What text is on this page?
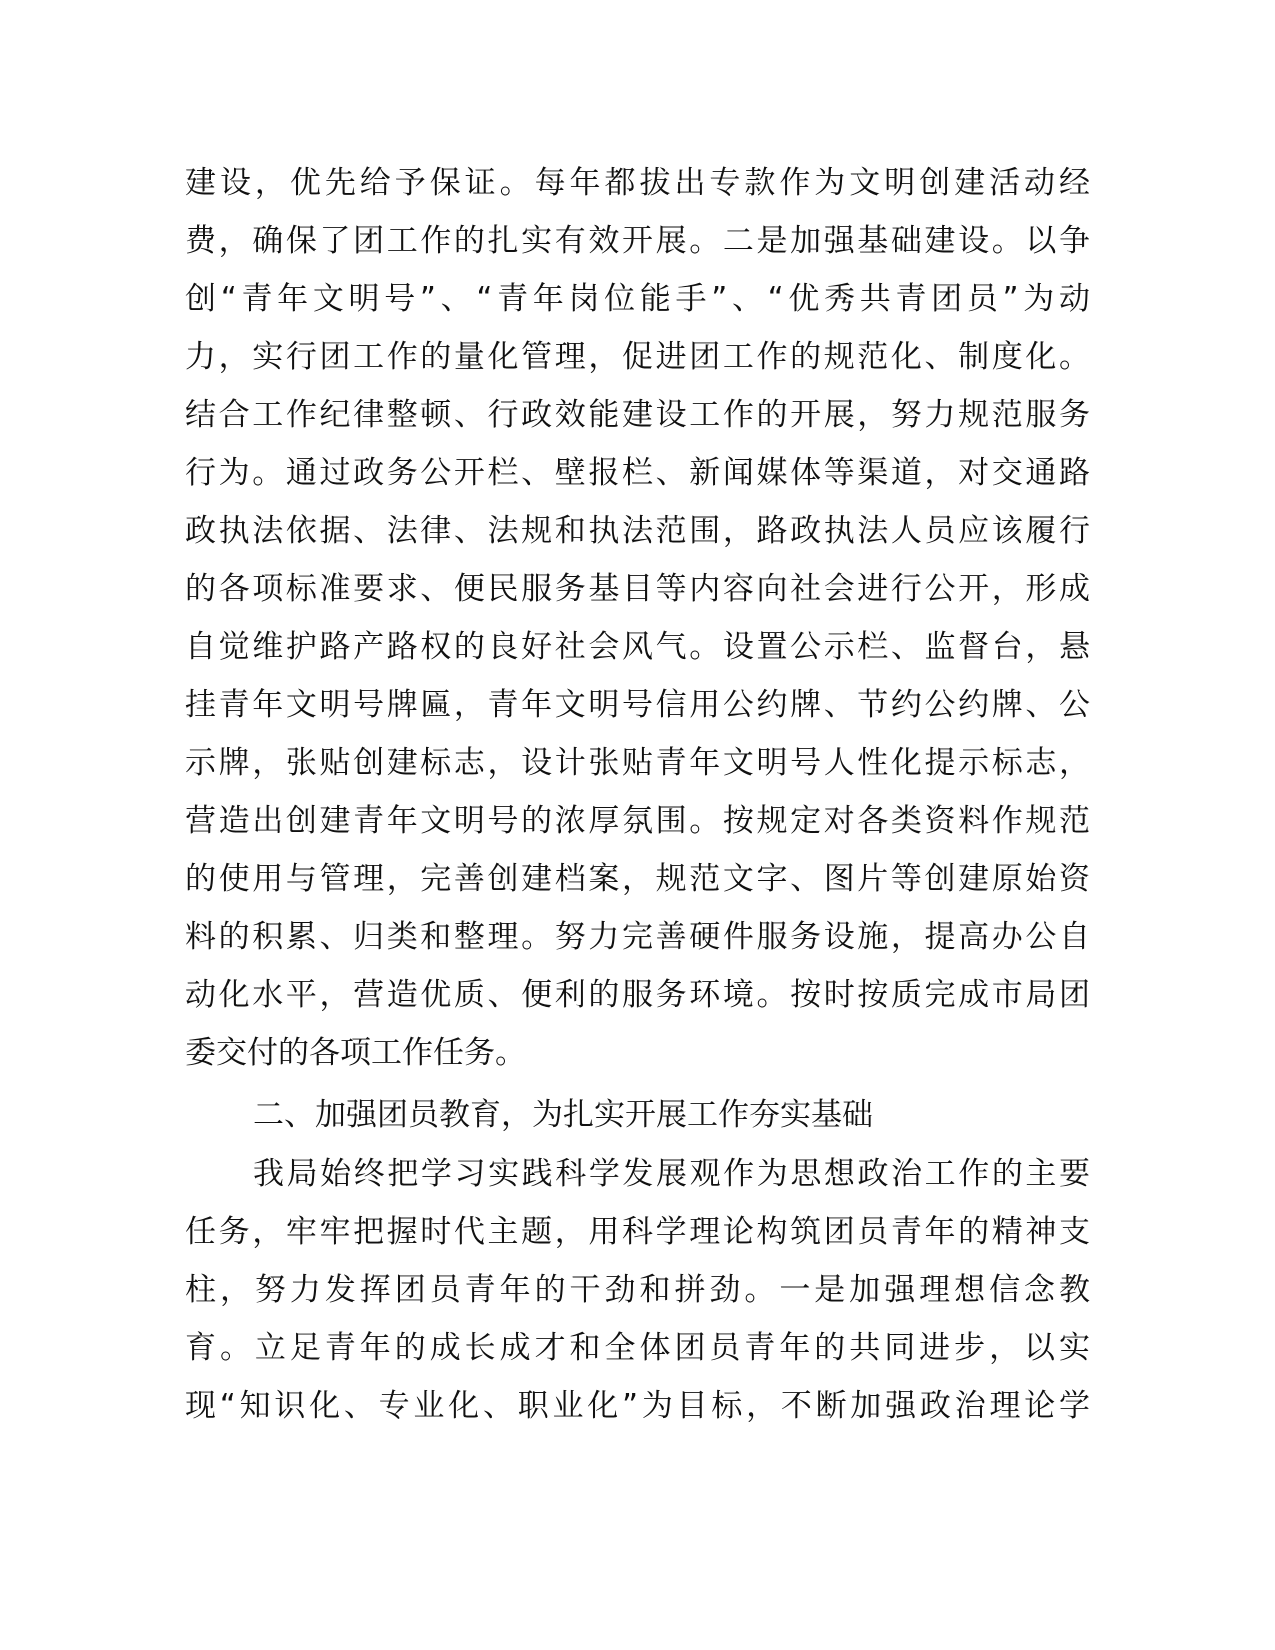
建设，优先给予保证。每年都拔出专款作为文明创建活动经
费，确保了团工作的扎实有效开展。二是加强基础建设。以争
创“青年文明号”、“青年岗位能手”、“优秀共青团员”为动
力，实行团工作的量化管理，促进团工作的规范化、制度化。
结合工作纪律整顿、行政效能建设工作的开展，努力规范服务
行为。通过政务公开栏、壁报栏、新闻媒体等渠道，对交通路
政执法依据、法律、法规和执法范围，路政执法人员应该履行
的各项标准要求、便民服务基目等内容向社会进行公开，形成
自觉维护路产路权的良好社会风气。设置公示栏、监督台，悬
挂青年文明号牌匾，青年文明号信用公约牌、节约公约牌、公
示牌，张贴创建标志，设计张贴青年文明号人性化提示标志，
营造出创建青年文明号的浓厚氛围。按规定对各类资料作规范
的使用与管理，完善创建档案，规范文字、图片等创建原始资
料的积累、归类和整理。努力完善硬件服务设施，提高办公自
动化水平，营造优质、便利的服务环境。按时按质完成市局团
委交付的各项工作任务。
二、加强团员教育，为扎实开展工作夯实基础
我局始终把学习实践科学发展观作为思想政治工作的主要
任务，牢牢把握时代主题，用科学理论构筑团员青年的精神支
柱，努力发挥团员青年的干劲和拼劲。一是加强理想信念教
育。立足青年的成长成才和全体团员青年的共同进步，以实
现“知识化、专业化、职业化”为目标，不断加强政治理论学
